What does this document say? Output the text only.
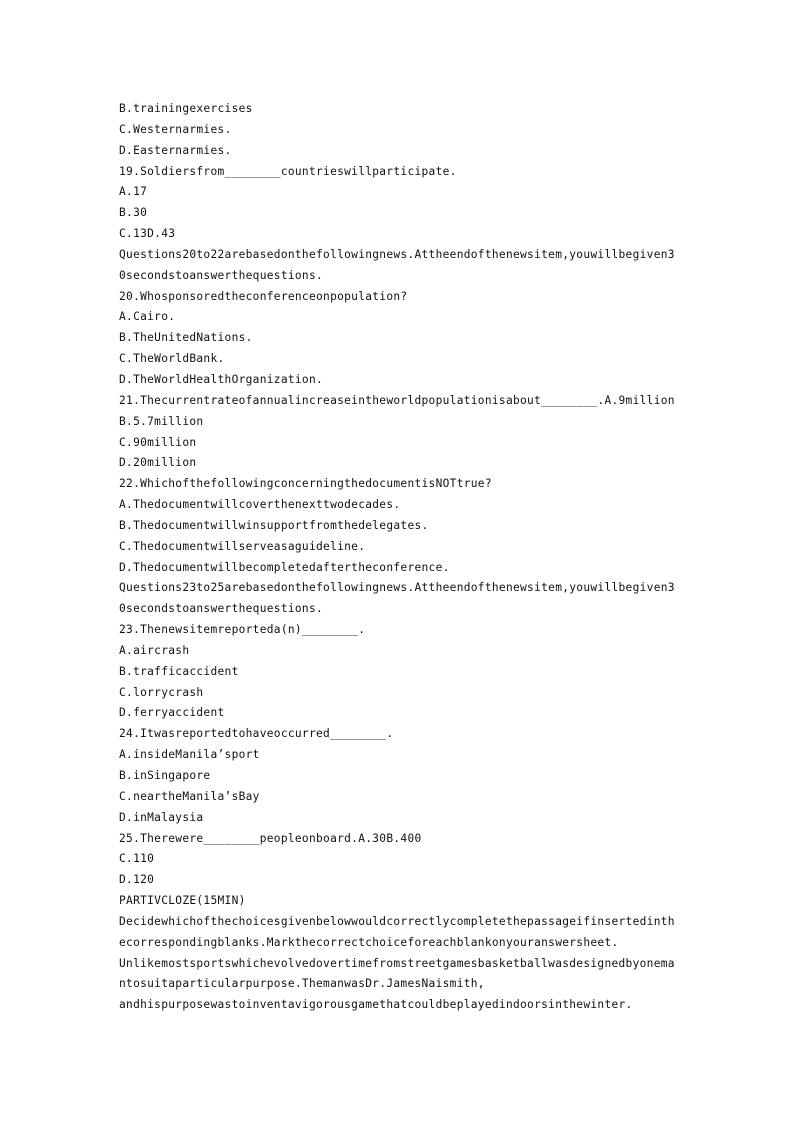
B.trainingexercises
C.Westernarmies.
D.Easternarmies.
19.Soldiersfrom________countrieswillparticipate.
A.17
B.30
C.13D.43
Questions20to22arebasedonthefollowingnews.Attheendofthenewsitem,youwillbegiven3
0secondstoanswerthequestions.
20.Whosponsoredtheconferenceonpopulation?
A.Cairo.
B.TheUnitedNations.
C.TheWorldBank.
D.TheWorldHealthOrganization.
21.Thecurrentrateofannualincreaseintheworldpopulationisabout________.A.9million
B.5.7million
C.90million
D.20million
22.WhichofthefollowingconcerningthedocumentisNOTtrue?
A.Thedocumentwillcoverthenexttwodecades.
B.Thedocumentwillwinsupportfromthedelegates.
C.Thedocumentwillserveasaguideline.
D.Thedocumentwillbecompletedaftertheconference.
Questions23to25arebasedonthefollowingnews.Attheendofthenewsitem,youwillbegiven3
0secondstoanswerthequestions.
23.Thenewsitemreporteda(n)________.
A.aircrash
B.trafficaccident
C.lorrycrash
D.ferryaccident
24.Itwasreportedtohaveoccurred________.
A.insideManila’sport
B.inSingapore
C.neartheManila’sBay
D.inMalaysia
25.Therewere________peopleonboard.A.30B.400
C.110
D.120
PARTIVCLOZE(15MIN)
Decidewhichofthechoicesgivenbelowwouldcorrectlycompletethepassageifinsertedinth
ecorrespondingblanks.Markthecorrectchoiceforeachblankonyouranswersheet.
Unlikemostsportswhichevolvedovertimefromstreetgamesbasketballwasdesignedbyonema
ntosuitaparticularpurpose.ThemanwasDr.JamesNaismith,
andhispurposewastoinventavigorousgamethatcouldbeplayedindoorsinthewinter.
